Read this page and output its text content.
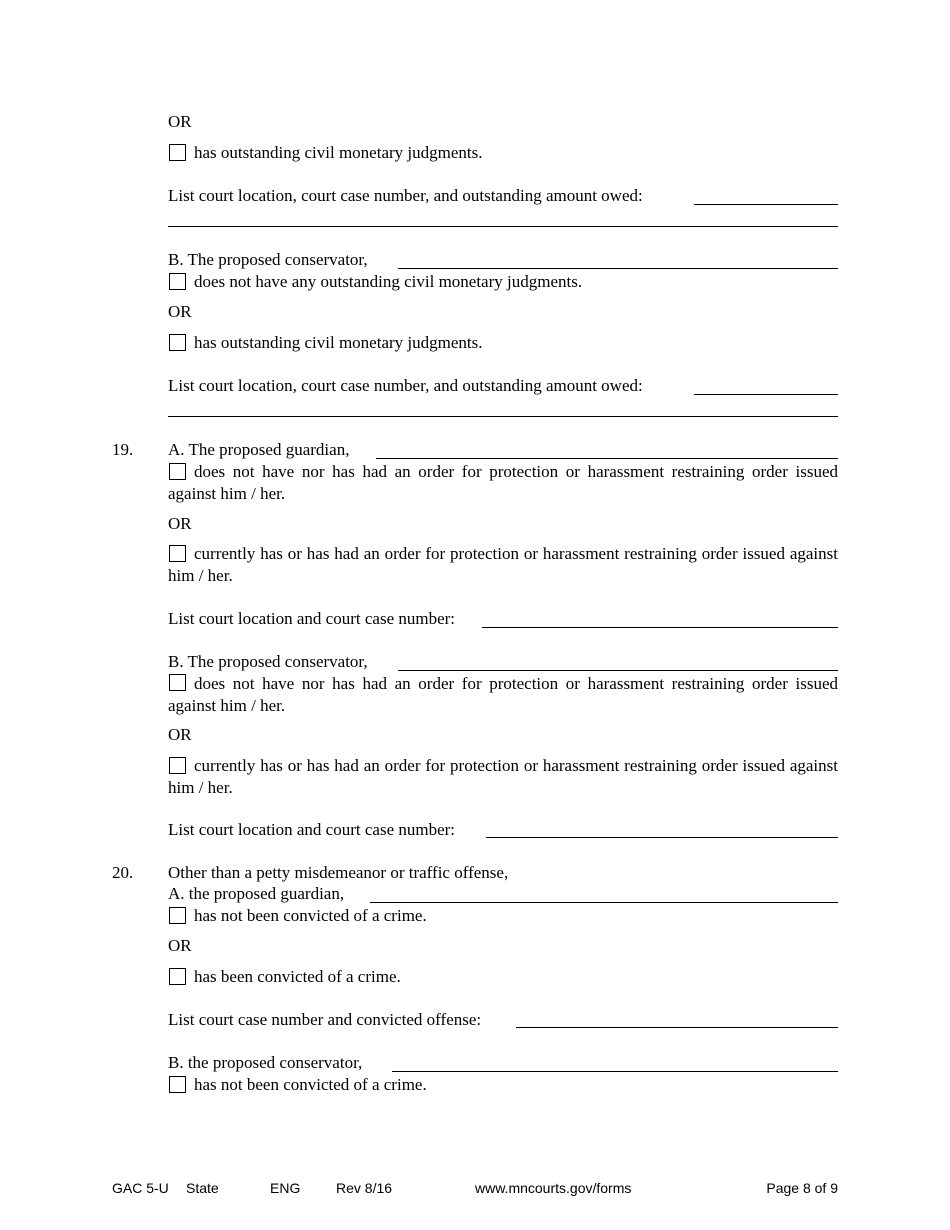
OR
has outstanding civil monetary judgments.
List court location, court case number, and outstanding amount owed:
B. The proposed conservator,
does not have any outstanding civil monetary judgments.
OR
has outstanding civil monetary judgments.
List court location, court case number, and outstanding amount owed:
19. A. The proposed guardian,
does not have nor has had an order for protection or harassment restraining order issued against him / her.
OR
currently has or has had an order for protection or harassment restraining order issued against him / her.
List court location and court case number:
B. The proposed conservator,
does not have nor has had an order for protection or harassment restraining order issued against him / her.
OR
currently has or has had an order for protection or harassment restraining order issued against him / her.
List court location and court case number:
20. Other than a petty misdemeanor or traffic offense,
A. the proposed guardian,
has not been convicted of a crime.
OR
has been convicted of a crime.
List court case number and convicted offense:
B. the proposed conservator,
has not been convicted of a crime.
GAC 5-U State	ENG	Rev 8/16	www.mncourts.gov/forms	Page 8 of 9
